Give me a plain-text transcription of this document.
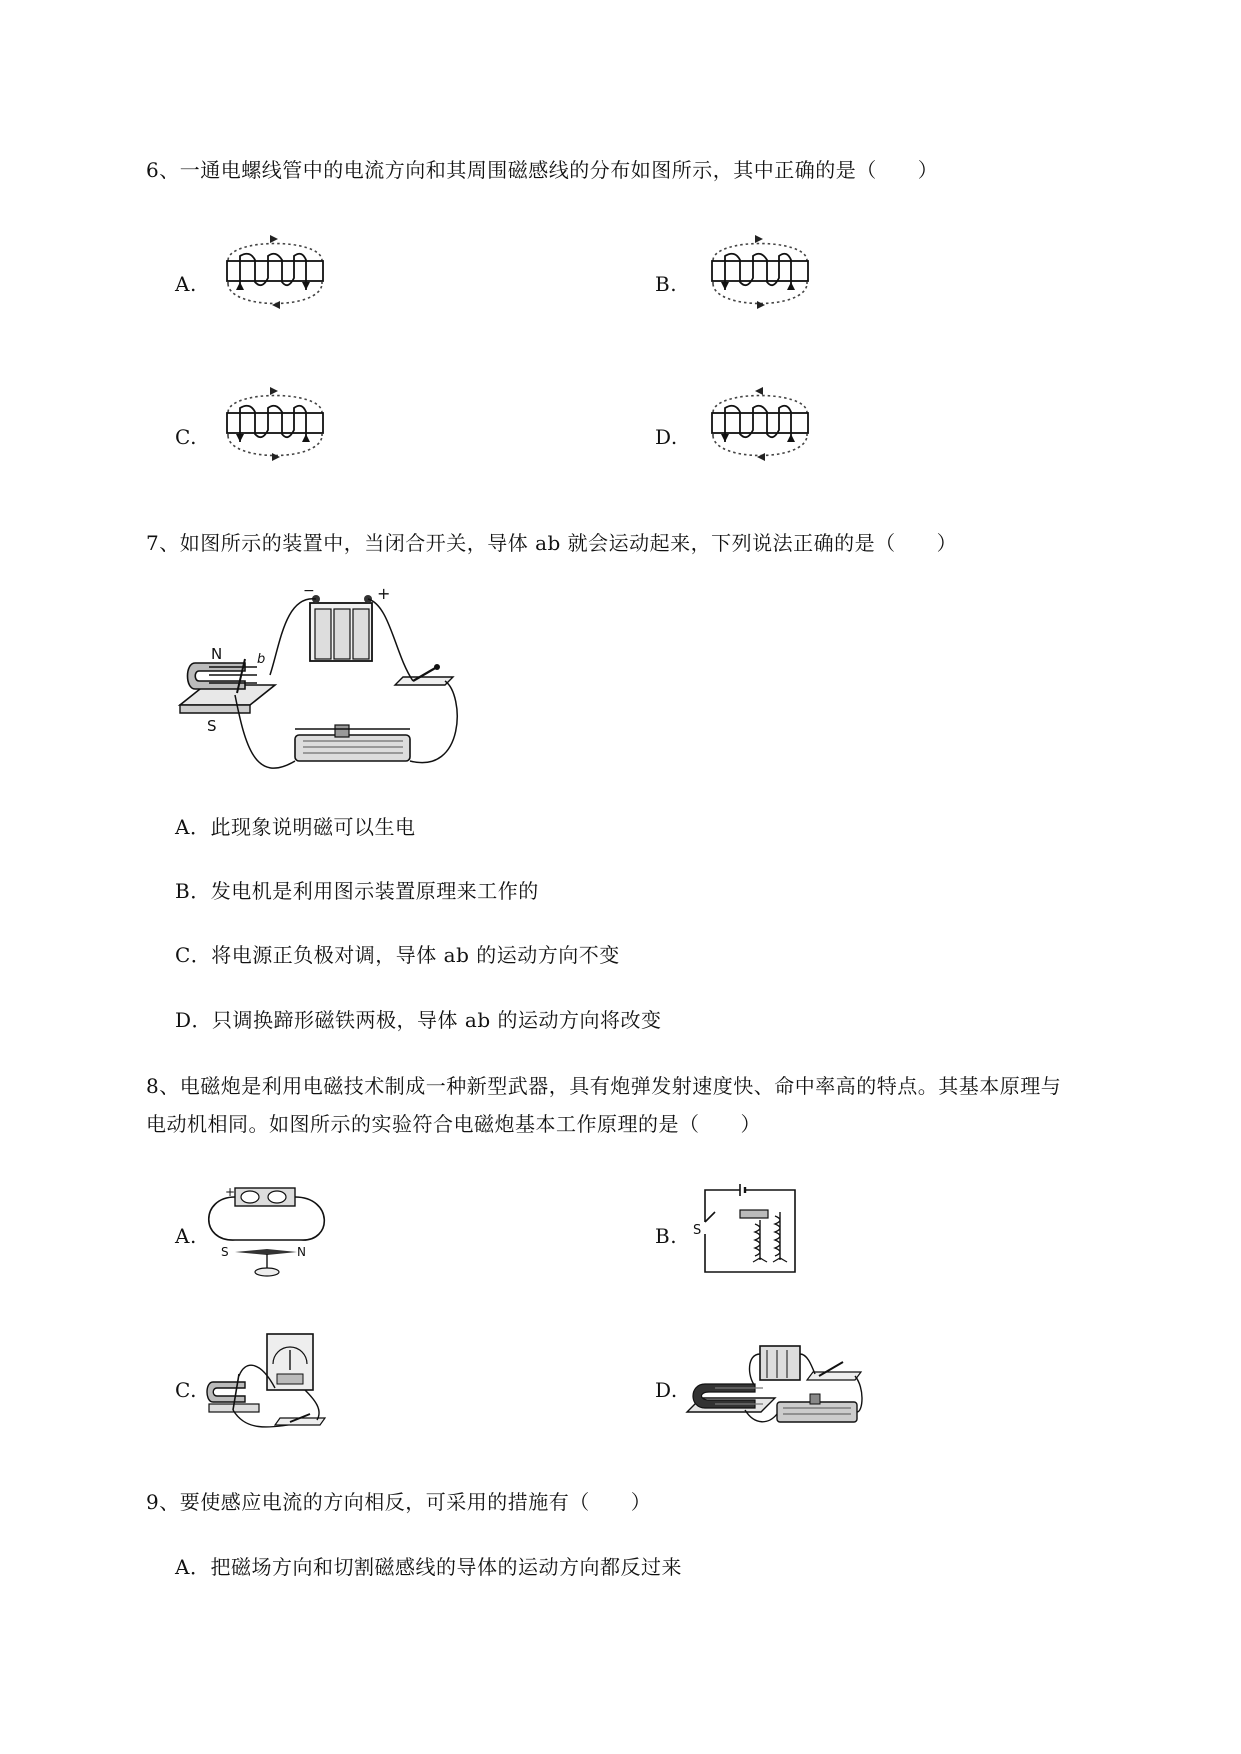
6、一通电螺线管中的电流方向和其周围磁感线的分布如图所示，其中正确的是（　　）
A.	B.
C.	D.
7、如图所示的装置中，当闭合开关，导体 ab 就会运动起来，下列说法正确的是（　　）
−	+
N
S
b
A．此现象说明磁可以生电
B．发电机是利用图示装置原理来工作的
C．将电源正负极对调，导体 ab 的运动方向不变
D．只调换蹄形磁铁两极，导体 ab 的运动方向将改变
8、电磁炮是利用电磁技术制成一种新型武器，具有炮弹发射速度快、命中率高的特点。其基本原理与
电动机相同。如图所示的实验符合电磁炮基本工作原理的是（　　）
A.
+
S	N
B. S
C.	D.
9、要使感应电流的方向相反，可采用的措施有（　　）
A．把磁场方向和切割磁感线的导体的运动方向都反过来
